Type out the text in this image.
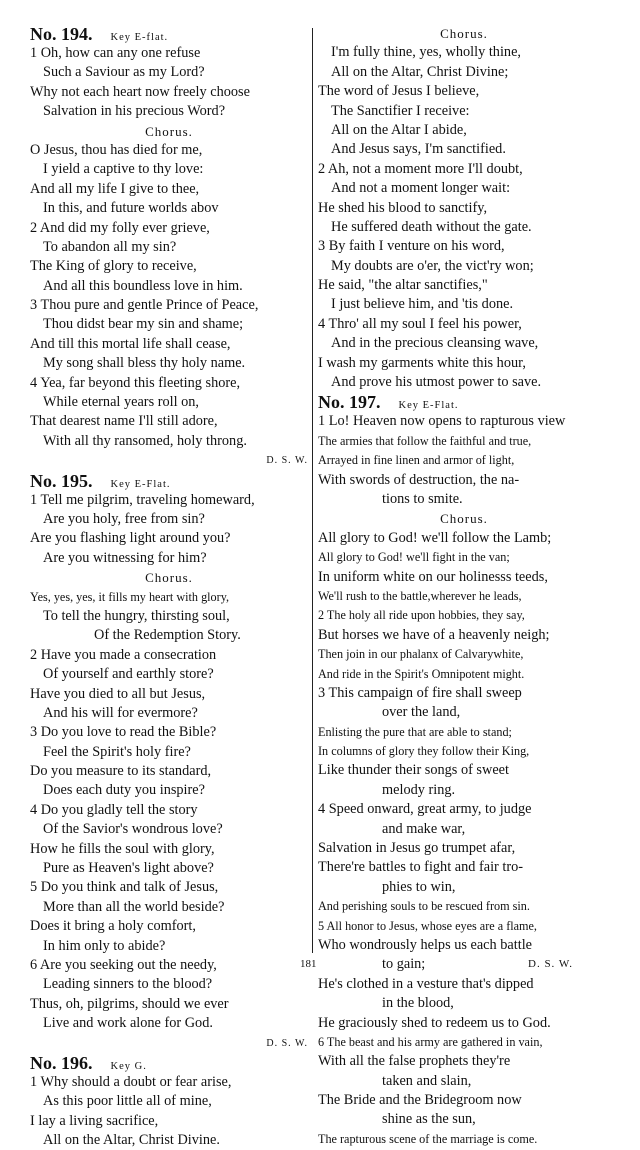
No. 194. Key E-flat.
1 Oh, how can any one refuse
Such a Saviour as my Lord?
Why not each heart now freely choose
Salvation in his precious Word?
Chorus.
O Jesus, thou has died for me,
I yield a captive to thy love:
And all my life I give to thee,
In this, and future worlds abov
2 And did my folly ever grieve,
To abandon all my sin?
The King of glory to receive,
And all this boundless love in him.
3 Thou pure and gentle Prince of Peace,
Thou didst bear my sin and shame;
And till this mortal life shall cease,
My song shall bless thy holy name.
4 Yea, far beyond this fleeting shore,
While eternal years roll on,
That dearest name I'll still adore,
With all thy ransomed, holy throng.
D. S. W.
No. 195. Key E-Flat.
1 Tell me pilgrim, traveling homeward,
Are you holy, free from sin?
Are you flashing light around you?
Are you witnessing for him?
Chorus.
Yes, yes, yes, it fills my heart with glory,
To tell the hungry, thirsting soul,
Of the Redemption Story.
2 Have you made a consecration
Of yourself and earthly store?
Have you died to all but Jesus,
And his will for evermore?
3 Do you love to read the Bible?
Feel the Spirit's holy fire?
Do you measure to its standard,
Does each duty you inspire?
4 Do you gladly tell the story
Of the Savior's wondrous love?
How he fills the soul with glory,
Pure as Heaven's light above?
5 Do you think and talk of Jesus,
More than all the world beside?
Does it bring a holy comfort,
In him only to abide?
6 Are you seeking out the needy,
Leading sinners to the blood?
Thus, oh, pilgrims, should we ever
Live and work alone for God.
D. S. W.
No. 196. Key G.
1 Why should a doubt or fear arise,
As this poor little all of mine,
I lay a living sacrifice,
All on the Altar, Christ Divine.
Chorus.
I'm fully thine, yes, wholly thine,
All on the Altar, Christ Divine;
The word of Jesus I believe,
The Sanctifier I receive:
All on the Altar I abide,
And Jesus says, I'm sanctified.
2 Ah, not a moment more I'll doubt,
And not a moment longer wait:
He shed his blood to sanctify,
He suffered death without the gate.
3 By faith I venture on his word,
My doubts are o'er, the vict'ry won;
He said, "the altar sanctifies,"
I just believe him, and 'tis done.
4 Thro' all my soul I feel his power,
And in the precious cleansing wave,
I wash my garments white this hour,
And prove his utmost power to save.
No. 197. Key E-Flat.
1 Lo! Heaven now opens to rapturous view
The armies that follow the faithful and true,
Arrayed in fine linen and armor of light,
With swords of destruction, the na-
tions to smite.
Chorus.
All glory to God! we'll follow the Lamb;
All glory to God! we'll fight in the van;
In uniform white on our holinesss teeds,
We'll rush to the battle,wherever he leads,
2 The holy all ride upon hobbies, they say,
But horses we have of a heavenly neigh;
Then join in our phalanx of Calvarywhite,
And ride in the Spirit's Omnipotent might.
3 This campaign of fire shall sweep
over the land,
Enlisting the pure that are able to stand;
In columns of glory they follow their King,
Like thunder their songs of sweet
melody ring.
4 Speed onward, great army, to judge
and make war,
Salvation in Jesus go trumpet afar,
There're battles to fight and fair tro-
phies to win,
And perishing souls to be rescued from sin.
5 All honor to Jesus, whose eyes are a flame,
Who wondrously helps us each battle
to gain;
He's clothed in a vesture that's dipped
in the blood,
He graciously shed to redeem us to God.
6 The beast and his army are gathered in vain,
With all the false prophets they're
taken and slain,
The Bride and the Bridegroom now
shine as the sun,
The rapturous scene of the marriage is come.
181	D. S. W.
